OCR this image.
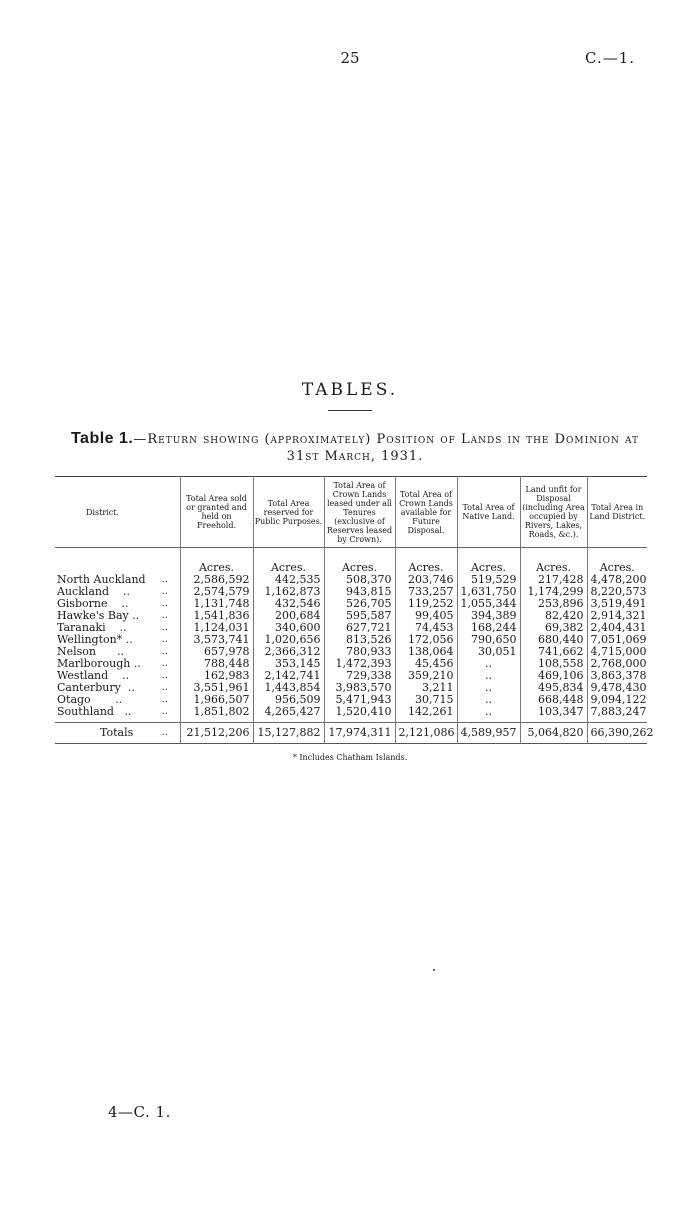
25	C.—1.
TABLES.
Table 1.—Return showing (approximately) Position of Lands in the Dominion at 31st March, 1931.
District.		Total Area sold or granted and held on Freehold.	Total Area reserved for Public Purposes.	Total Area of Crown Lands leased under all Tenures (exclusive of Reserves leased by Crown).	Total Area of Crown Lands available for Future Disposal.	Total Area of Native Land.	Land unfit for Disposal (including Area occupied by Rivers, Lakes, Roads, &c.).	Total Area in Land District.
		Acres.	Acres.	Acres.	Acres.	Acres.	Acres.	Acres.
North Auckland	..	2,586,592	442,535	508,370	203,746	519,529	217,428	4,478,200
Auckland    ..	..	2,574,579	1,162,873	943,815	733,257	1,631,750	1,174,299	8,220,573
Gisborne    ..	..	1,131,748	432,546	526,705	119,252	1,055,344	253,896	3,519,491
Hawke's Bay ..	..	1,541,836	200,684	595,587	99,405	394,389	82,420	2,914,321
Taranaki    ..	..	1,124,031	340,600	627,721	74,453	168,244	69,382	2,404,431
Wellington* ..	..	3,573,741	1,020,656	813,526	172,056	790,650	680,440	7,051,069
Nelson      ..	..	657,978	2,366,312	780,933	138,064	30,051	741,662	4,715,000
Marlborough ..	..	788,448	353,145	1,472,393	45,456	..	108,558	2,768,000
Westland    ..	..	162,983	2,142,741	729,338	359,210	..	469,106	3,863,378
Canterbury  ..	..	3,551,961	1,443,854	3,983,570	3,211	..	495,834	9,478,430
Otago       ..	..	1,966,507	956,509	5,471,943	30,715	..	668,448	9,094,122
Southland   ..	..	1,851,802	4,265,427	1,520,410	142,261	..	103,347	7,883,247
Totals	..	21,512,206	15,127,882	17,974,311	2,121,086	4,589,957	5,064,820	66,390,262
* Includes Chatham Islands.
4—C. 1.
